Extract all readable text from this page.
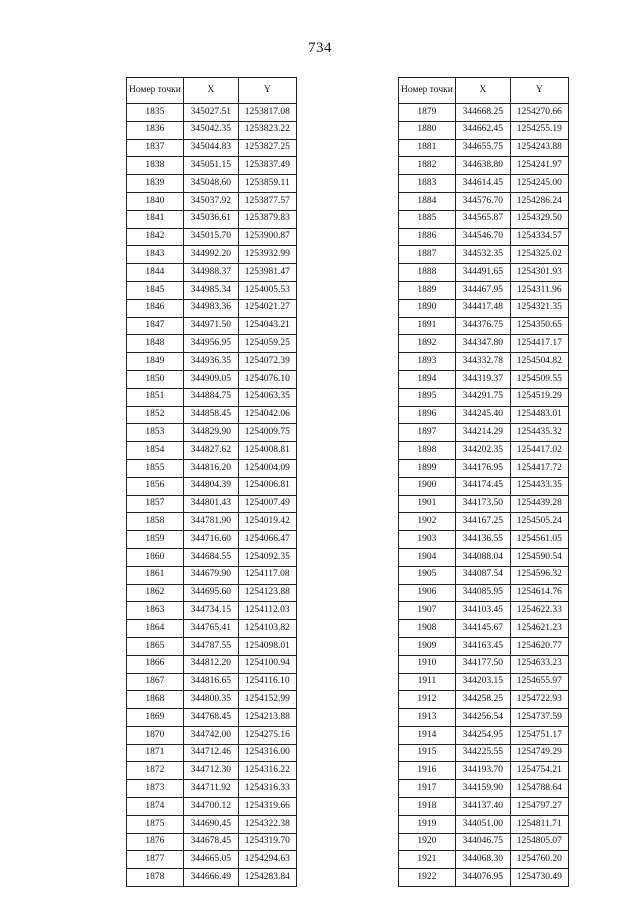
734
Номер точки	X	Y
1835	345027.51	1253817.08
1836	345042.35	1253823.22
1837	345044.83	1253827.25
1838	345051.15	1253837.49
1839	345048.60	1253859.11
1840	345037.92	1253877.57
1841	345036.61	1253879.83
1842	345015.70	1253900.87
1843	344992.20	1253932.99
1844	344988.37	1253981.47
1845	344985.34	1254005.53
1846	344983.36	1254021.27
1847	344971.50	1254043.21
1848	344956.95	1254059.25
1849	344936.35	1254072.39
1850	344909.05	1254076.10
1851	344884.75	1254063.35
1852	344858.45	1254042.06
1853	344829.90	1254009.75
1854	344827.62	1254008.81
1855	344816.20	1254004.09
1856	344804.39	1254006.81
1857	344801.43	1254007.49
1858	344781.90	1254019.42
1859	344716.60	1254066.47
1860	344684.55	1254092.35
1861	344679.90	1254117.08
1862	344695.60	1254123.88
1863	344734.15	1254112.03
1864	344765.41	1254103.82
1865	344787.55	1254098.01
1866	344812.20	1254100.94
1867	344816.65	1254116.10
1868	344800.35	1254152.99
1869	344768.45	1254213.88
1870	344742.00	1254275.16
1871	344712.46	1254316.00
1872	344712.30	1254316.22
1873	344711.92	1254316.33
1874	344700.12	1254319.66
1875	344690.45	1254322.38
1876	344678.45	1254319.70
1877	344665.05	1254294.63
1878	344666.49	1254283.84
Номер точки	X	Y
1879	344668.25	1254270.66
1880	344662.45	1254255.19
1881	344655.75	1254243.88
1882	344638.80	1254241.97
1883	344614.45	1254245.00
1884	344576.70	1254286.24
1885	344565.87	1254329.50
1886	344546.70	1254334.57
1887	344532.35	1254325.02
1888	344491.65	1254301.93
1889	344467.95	1254311.96
1890	344417.48	1254321.35
1891	344376.75	1254350.65
1892	344347.80	1254417.17
1893	344332.78	1254504.82
1894	344319.37	1254509.55
1895	344291.75	1254519.29
1896	344245.40	1254483.01
1897	344214.29	1254435.32
1898	344202.35	1254417.02
1899	344176.95	1254417.72
1900	344174.45	1254433.35
1901	344173.50	1254439.28
1902	344167.25	1254505.24
1903	344136.55	1254561.05
1904	344088.04	1254590.54
1905	344087.54	1254596.32
1906	344085.95	1254614.76
1907	344103.45	1254622.33
1908	344145.67	1254621.23
1909	344163.45	1254620.77
1910	344177.50	1254633.23
1911	344203.15	1254655.97
1912	344258.25	1254722.93
1913	344256.54	1254737.59
1914	344254.95	1254751.17
1915	344225.55	1254749.29
1916	344193.70	1254754.21
1917	344159.90	1254788.64
1918	344137.40	1254797.27
1919	344051.00	1254811.71
1920	344046.75	1254805.07
1921	344068.30	1254760.20
1922	344076.95	1254730.49
